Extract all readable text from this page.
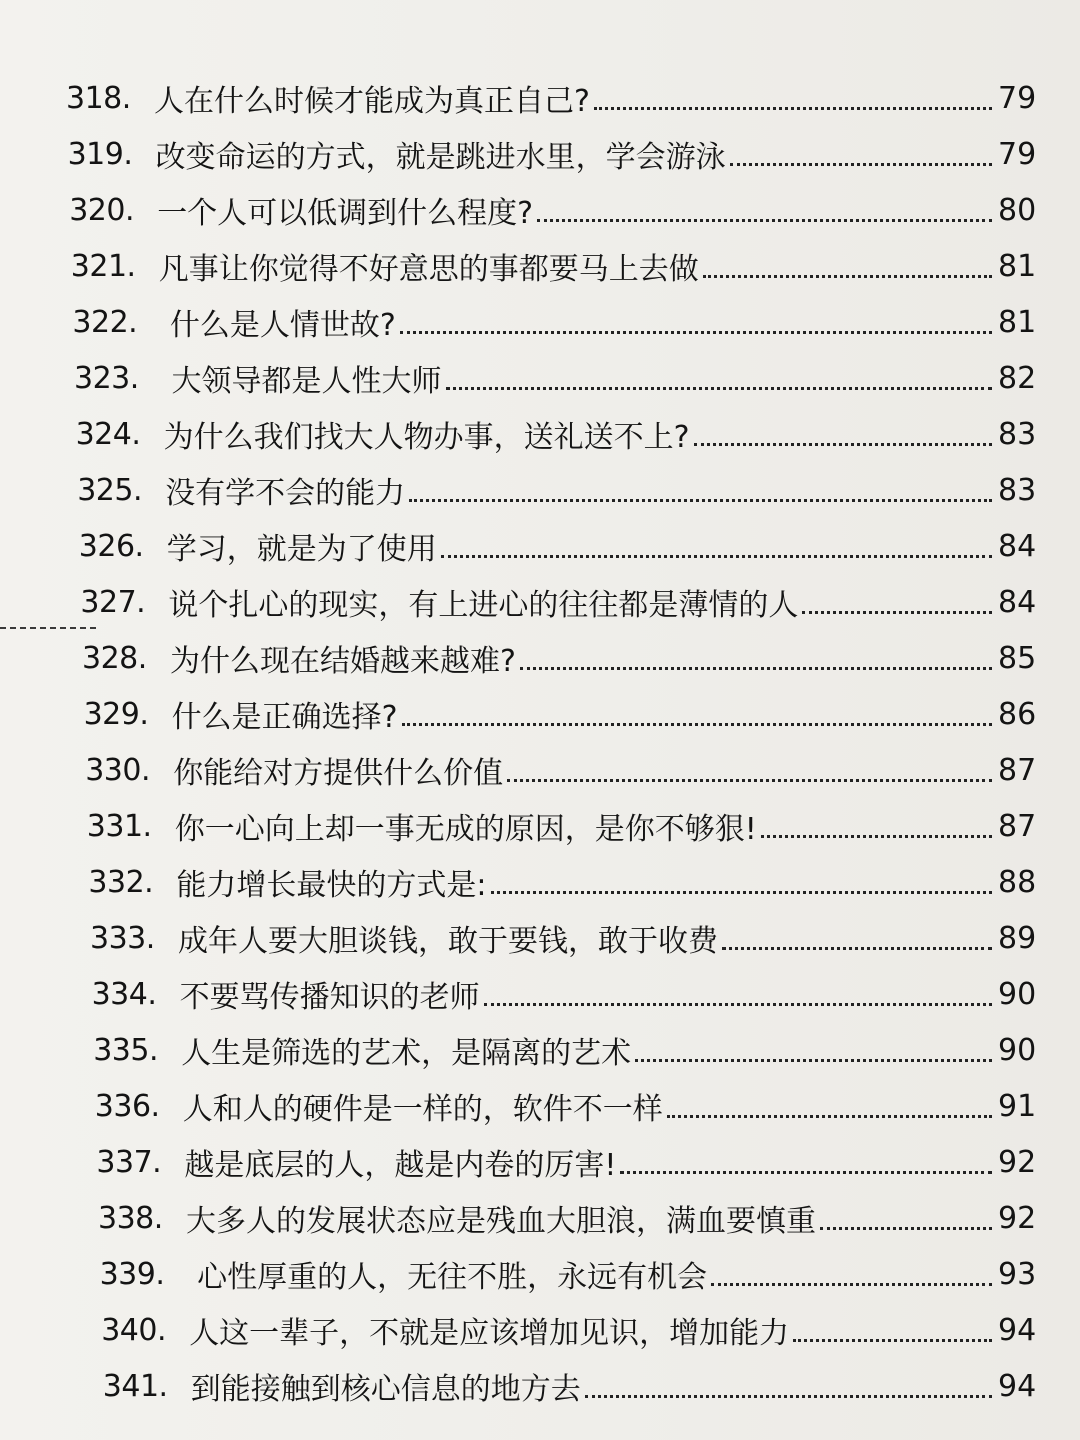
318. 人在什么时候才能成为真正自己?	79
319. 改变命运的方式，就是跳进水里，学会游泳	79
320. 一个人可以低调到什么程度?	80
321. 凡事让你觉得不好意思的事都要马上去做	81
322. 什么是人情世故?	81
323. 大领导都是人性大师	82
324. 为什么我们找大人物办事，送礼送不上?	83
325. 没有学不会的能力	83
326. 学习，就是为了使用	84
327. 说个扎心的现实，有上进心的往往都是薄情的人	84
328. 为什么现在结婚越来越难?	85
329. 什么是正确选择?	86
330. 你能给对方提供什么价值	87
331. 你一心向上却一事无成的原因，是你不够狠!	87
332. 能力增长最快的方式是:	88
333. 成年人要大胆谈钱，敢于要钱，敢于收费	89
334. 不要骂传播知识的老师	90
335. 人生是筛选的艺术，是隔离的艺术	90
336. 人和人的硬件是一样的，软件不一样	91
337. 越是底层的人，越是内卷的厉害!	92
338. 大多人的发展状态应是残血大胆浪，满血要慎重	92
339. 心性厚重的人，无往不胜，永远有机会	93
340. 人这一辈子，不就是应该增加见识，增加能力	94
341. 到能接触到核心信息的地方去	94
